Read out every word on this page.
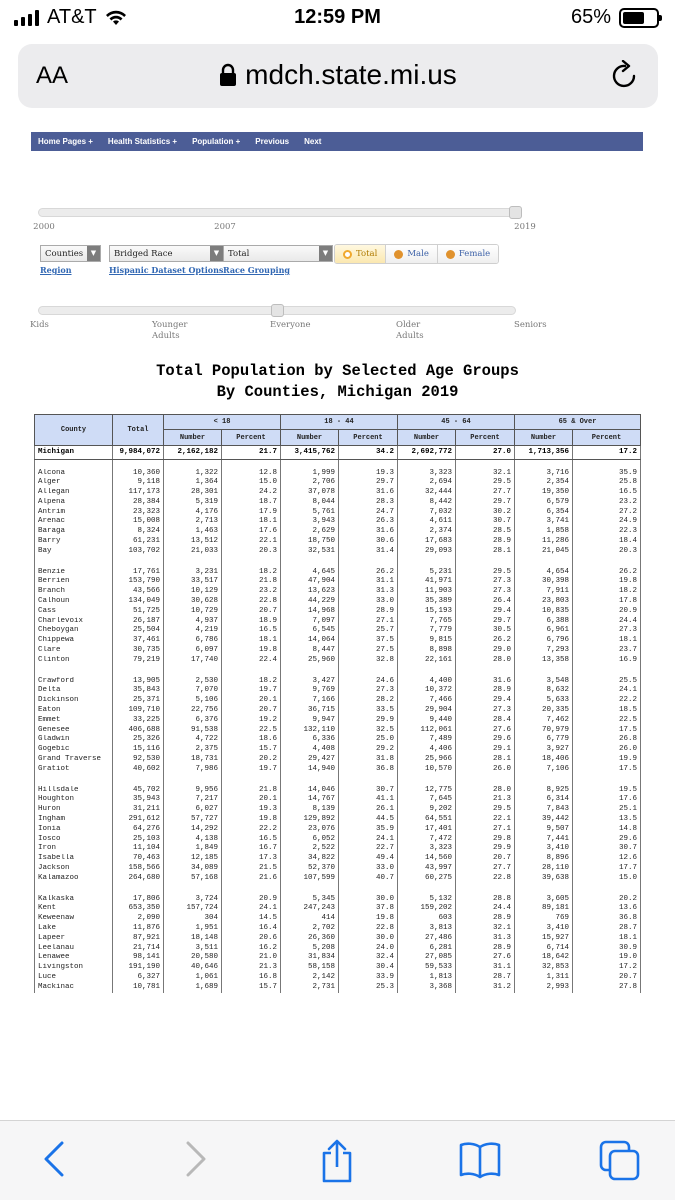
AT&T	12:59 PM	65%
AA	mdch.state.mi.us
Home Pages + Health Statistics + Population + Previous Next
2000	2007	2019
Counties	▼	Bridged Race	▼	Total	▼	Total	Male	Female
Region	Hispanic Dataset Options Race Grouping
Kids	Younger Adults
Everyone	Older Adults
Seniors
Total Population by Selected Age Groups
By Counties, Michigan 2019
County	Total	< 18		18 - 44		45 - 64		65 & Over	
		Number	Percent	Number	Percent	Number	Percent	Number	Percent
Michigan	9,984,072	2,162,182	21.7	3,415,762	34.2	2,692,772	27.0	1,713,356	17.2

Alcona	10,360	1,322	12.8	1,999	19.3	3,323	32.1	3,716	35.9
Alger	9,118	1,364	15.0	2,706	29.7	2,694	29.5	2,354	25.8
Allegan	117,173	28,301	24.2	37,078	31.6	32,444	27.7	19,350	16.5
Alpena	28,384	5,319	18.7	8,044	28.3	8,442	29.7	6,579	23.2
Antrim	23,323	4,176	17.9	5,761	24.7	7,032	30.2	6,354	27.2
Arenac	15,008	2,713	18.1	3,943	26.3	4,611	30.7	3,741	24.9
Baraga	8,324	1,463	17.6	2,629	31.6	2,374	28.5	1,858	22.3
Barry	61,231	13,512	22.1	18,750	30.6	17,683	28.9	11,286	18.4
Bay	103,702	21,033	20.3	32,531	31.4	29,093	28.1	21,045	20.3

Benzie	17,761	3,231	18.2	4,645	26.2	5,231	29.5	4,654	26.2
Berrien	153,790	33,517	21.8	47,904	31.1	41,971	27.3	30,398	19.8
Branch	43,566	10,129	23.2	13,623	31.3	11,903	27.3	7,911	18.2
Calhoun	134,049	30,628	22.8	44,229	33.0	35,389	26.4	23,803	17.8
Cass	51,725	10,729	20.7	14,968	28.9	15,193	29.4	10,835	20.9
Charlevoix	26,187	4,937	18.9	7,097	27.1	7,765	29.7	6,388	24.4
Cheboygan	25,504	4,219	16.5	6,545	25.7	7,779	30.5	6,961	27.3
Chippewa	37,461	6,786	18.1	14,064	37.5	9,815	26.2	6,796	18.1
Clare	30,735	6,097	19.8	8,447	27.5	8,898	29.0	7,293	23.7
Clinton	79,219	17,740	22.4	25,960	32.8	22,161	28.0	13,358	16.9

Crawford	13,905	2,530	18.2	3,427	24.6	4,400	31.6	3,548	25.5
Delta	35,843	7,070	19.7	9,769	27.3	10,372	28.9	8,632	24.1
Dickinson	25,371	5,106	20.1	7,166	28.2	7,466	29.4	5,633	22.2
Eaton	109,710	22,756	20.7	36,715	33.5	29,904	27.3	20,335	18.5
Emmet	33,225	6,376	19.2	9,947	29.9	9,440	28.4	7,462	22.5
Genesee	406,688	91,538	22.5	132,110	32.5	112,061	27.6	70,979	17.5
Gladwin	25,326	4,722	18.6	6,336	25.0	7,489	29.6	6,779	26.8
Gogebic	15,116	2,375	15.7	4,408	29.2	4,406	29.1	3,927	26.0
Grand Traverse	92,530	18,731	20.2	29,427	31.8	25,966	28.1	18,406	19.9
Gratiot	40,602	7,986	19.7	14,940	36.8	10,570	26.0	7,106	17.5

Hillsdale	45,702	9,956	21.8	14,046	30.7	12,775	28.0	8,925	19.5
Houghton	35,943	7,217	20.1	14,767	41.1	7,645	21.3	6,314	17.6
Huron	31,211	6,027	19.3	8,139	26.1	9,202	29.5	7,843	25.1
Ingham	291,612	57,727	19.8	129,892	44.5	64,551	22.1	39,442	13.5
Ionia	64,276	14,292	22.2	23,076	35.9	17,401	27.1	9,507	14.8
Iosco	25,103	4,138	16.5	6,052	24.1	7,472	29.8	7,441	29.6
Iron	11,104	1,849	16.7	2,522	22.7	3,323	29.9	3,410	30.7
Isabella	70,463	12,185	17.3	34,822	49.4	14,560	20.7	8,896	12.6
Jackson	158,566	34,089	21.5	52,370	33.0	43,997	27.7	28,110	17.7
Kalamazoo	264,680	57,168	21.6	107,599	40.7	60,275	22.8	39,638	15.0

Kalkaska	17,806	3,724	20.9	5,345	30.0	5,132	28.8	3,605	20.2
Kent	653,350	157,724	24.1	247,243	37.8	159,202	24.4	89,181	13.6
Keweenaw	2,090	304	14.5	414	19.8	603	28.9	769	36.8
Lake	11,876	1,951	16.4	2,702	22.8	3,813	32.1	3,410	28.7
Lapeer	87,921	18,148	20.6	26,360	30.0	27,486	31.3	15,927	18.1
Leelanau	21,714	3,511	16.2	5,208	24.0	6,281	28.9	6,714	30.9
Lenawee	98,141	20,580	21.0	31,834	32.4	27,085	27.6	18,642	19.0
Livingston	191,190	40,646	21.3	58,158	30.4	59,533	31.1	32,853	17.2
Luce	6,327	1,061	16.8	2,142	33.9	1,813	28.7	1,311	20.7
Mackinac	10,781	1,689	15.7	2,731	25.3	3,368	31.2	2,993	27.8
